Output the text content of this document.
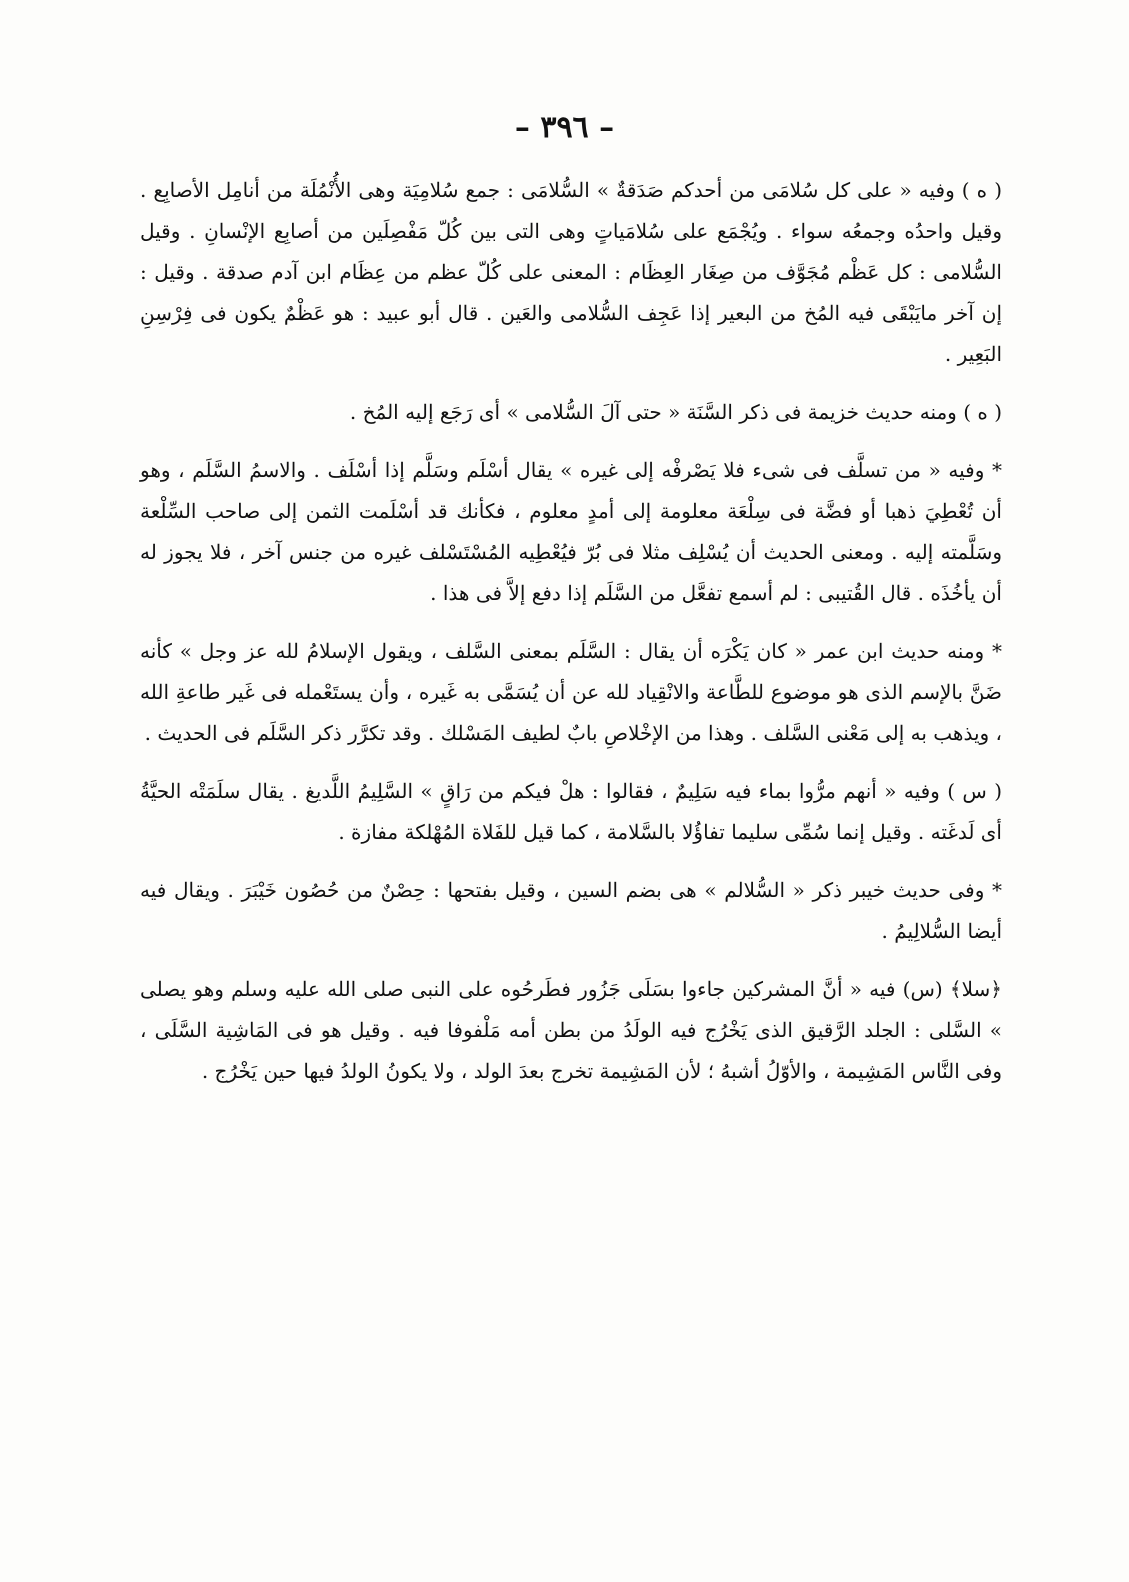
– ٣٩٦ –

( ه ) وفيه « على كل سُلامَى من أحدكم صَدَقةٌ » السُّلامَى : جمع سُلامِيَة وهى الأُنْمُلَة من أنامِل الأصابِع . وقيل واحدُه وجمعُه سواء . ويُجْمَع على سُلامَياتٍ وهى التى بين كُلّ مَفْصِلَين من أصابِع الإنْسانِ . وقيل السُّلامى : كل عَظْم مُجَوَّف من صِغَار العِظَام : المعنى على كُلّ عظم من عِظَام ابن آدم صدقة . وقيل : إن آخر مايَبْقَى فيه المُخ من البعير إذا عَجِف السُّلامى والعَين . قال أبو عبيد : هو عَظْمٌ يكون فى فِرْسِنِ البَعِير .

( ه ) ومنه حديث خزيمة فى ذكر السَّنَة « حتى آلَ السُّلامى » أى رَجَع إليه المُخ .

* وفيه « من تسلَّف فى شىء فلا يَصْرفْه إلى غيره » يقال أسْلَم وسَلَّم إذا أسْلَف . والاسمُ السَّلَم ، وهو أن تُعْطِيَ ذهبا أو فضَّة فى سِلْعَة معلومة إلى أمدٍ معلوم ، فكأنك قد أسْلَمت الثمن إلى صاحب السِّلْعة وسَلَّمته إليه . ومعنى الحديث أن يُسْلِف مثلا فى بُرّ فيُعْطِيه المُسْتَسْلف غيره من جنس آخر ، فلا يجوز له أن يأخُذَه . قال القُتيبى : لم أسمع تفعَّل من السَّلَم إذا دفع إلاَّ فى هذا .

* ومنه حديث ابن عمر « كان يَكْرَه أن يقال : السَّلَم بمعنى السَّلف ، ويقول الإسلامُ لله عز وجل » كأنه ضَنَّ بالإسم الذى هو موضوع للطَّاعة والانْقِياد لله عن أن يُسَمَّى به غَيره ، وأن يستَعْمله فى غَير طاعةِ الله ، ويذهب به إلى مَعْنى السَّلف . وهذا من الإخْلاصِ بابٌ لطيف المَسْلك . وقد تكرَّر ذكر السَّلَم فى الحديث .

( س ) وفيه « أنهم مرُّوا بماء فيه سَلِيمٌ ، فقالوا : هلْ فيكم من رَاقٍ » السَّلِيمُ اللَّديغ . يقال سلَمَتْه الحيَّةُ أى لَدغَته . وقيل إنما سُمِّى سليما تفاؤُلا بالسَّلامة ، كما قيل للفَلاة المُهْلكة مفازة .

* وفى حديث خيبر ذكر « السُّلالم » هى بضم السين ، وقيل بفتحها : حِصْنٌ من حُصُون خَيْبَرَ . ويقال فيه أيضا السُّلالِيمُ .

﴿سلا﴾ (س) فيه « أنَّ المشركين جاءوا بسَلَى جَزُور فطَرحُوه على النبى صلى الله عليه وسلم وهو يصلى » السَّلى : الجلد الرَّقيق الذى يَخْرُج فيه الولَدُ من بطن أمه مَلْفوفا فيه . وقيل هو فى المَاشِية السَّلَى ، وفى النَّاس المَشِيمة ، والأوّلُ أشبهُ ؛ لأن المَشِيمة تخرج بعدَ الولد ، ولا يكونُ الولدُ فيها حين يَخْرُج .
